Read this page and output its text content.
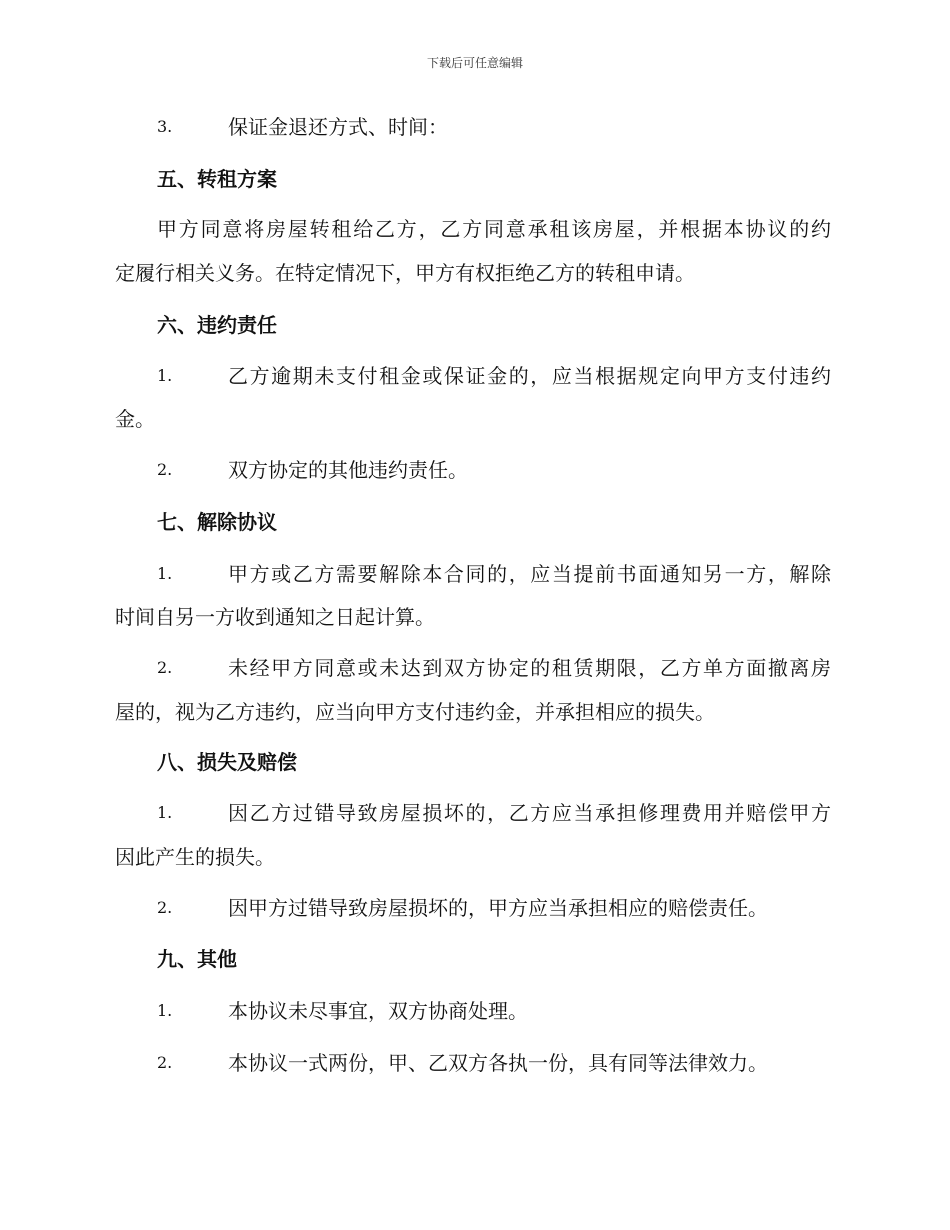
下载后可任意编辑
3.	保证金退还方式、时间：
五、转租方案
甲方同意将房屋转租给乙方，乙方同意承租该房屋，并根据本协议的约
定履行相关义务。在特定情况下，甲方有权拒绝乙方的转租申请。
六、违约责任
1.	乙方逾期未支付租金或保证金的，应当根据规定向甲方支付违约
金。
2.	双方协定的其他违约责任。
七、解除协议
1.	甲方或乙方需要解除本合同的，应当提前书面通知另一方，解除
时间自另一方收到通知之日起计算。
2.	未经甲方同意或未达到双方协定的租赁期限，乙方单方面撤离房
屋的，视为乙方违约，应当向甲方支付违约金，并承担相应的损失。
八、损失及赔偿
1.	因乙方过错导致房屋损坏的，乙方应当承担修理费用并赔偿甲方
因此产生的损失。
2.	因甲方过错导致房屋损坏的，甲方应当承担相应的赔偿责任。
九、其他
1.	本协议未尽事宜，双方协商处理。
2.	本协议一式两份，甲、乙双方各执一份，具有同等法律效力。
